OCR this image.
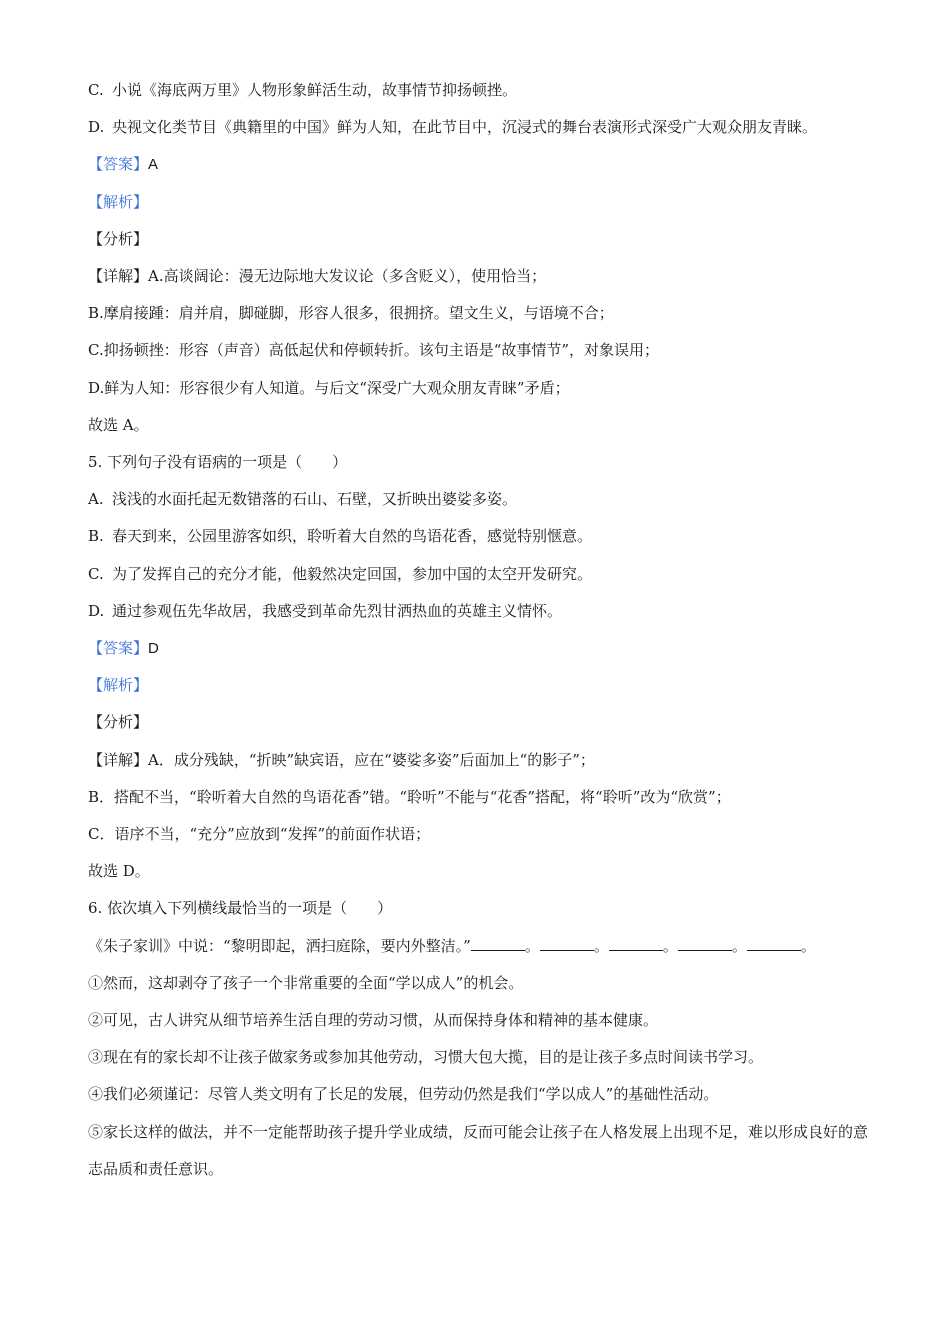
C. 小说《海底两万里》人物形象鲜活生动，故事情节抑扬顿挫。

D. 央视文化类节目《典籍里的中国》鲜为人知，在此节目中，沉浸式的舞台表演形式深受广大观众朋友青睐。

【答案】A

【解析】

【分析】

【详解】A.高谈阔论：漫无边际地大发议论（多含贬义），使用恰当；

B.摩肩接踵：肩并肩，脚碰脚，形容人很多，很拥挤。望文生义，与语境不合；

C.抑扬顿挫：形容（声音）高低起伏和停顿转折。该句主语是“故事情节”，对象误用；

D.鲜为人知：形容很少有人知道。与后文“深受广大观众朋友青睐”矛盾；

故选 A。

5. 下列句子没有语病的一项是（　　）

A. 浅浅的水面托起无数错落的石山、石壁，又折映出婆娑多姿。

B. 春天到来，公园里游客如织，聆听着大自然的鸟语花香，感觉特别惬意。

C. 为了发挥自己的充分才能，他毅然决定回国，参加中国的太空开发研究。

D. 通过参观伍先华故居，我感受到革命先烈甘洒热血的英雄主义情怀。

【答案】D

【解析】

【分析】

【详解】A．成分残缺，“折映”缺宾语，应在“婆娑多姿”后面加上“的影子”；

B．搭配不当，“聆听着大自然的鸟语花香”错。“聆听”不能与“花香”搭配，将“聆听”改为“欣赏”；

C．语序不当，“充分”应放到“发挥”的前面作状语；

故选 D。

6. 依次填入下列横线最恰当的一项是（　　）

《朱子家训》中说：“黎明即起，洒扫庭除，要内外整洁。”	。	。	。	。	。

①然而，这却剥夺了孩子一个非常重要的全面“学以成人”的机会。

②可见，古人讲究从细节培养生活自理的劳动习惯，从而保持身体和精神的基本健康。

③现在有的家长却不让孩子做家务或参加其他劳动，习惯大包大揽，目的是让孩子多点时间读书学习。

④我们必须谨记：尽管人类文明有了长足的发展，但劳动仍然是我们“学以成人”的基础性活动。

⑤家长这样的做法，并不一定能帮助孩子提升学业成绩，反而可能会让孩子在人格发展上出现不足，难以形成良好的意志品质和责任意识。
